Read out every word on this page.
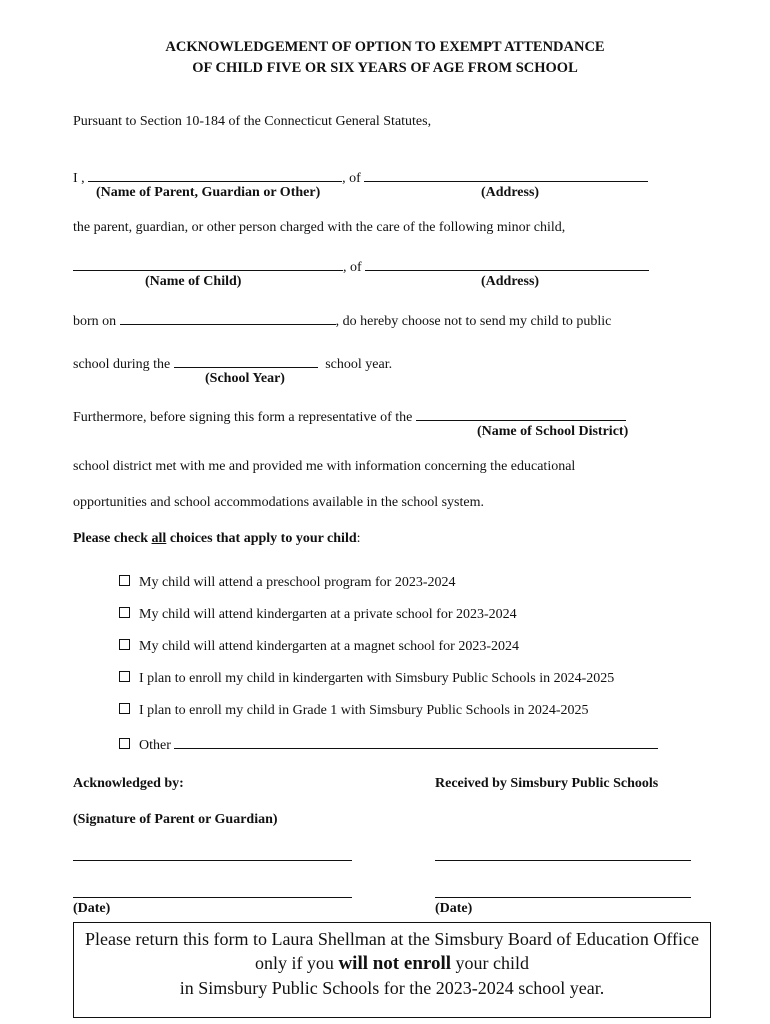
ACKNOWLEDGEMENT OF OPTION TO EXEMPT ATTENDANCE
OF CHILD FIVE OR SIX YEARS OF AGE FROM SCHOOL
Pursuant to Section 10-184 of the Connecticut General Statutes,
I ,	, of
(Name of Parent, Guardian or Other)	(Address)
the parent, guardian, or other person charged with the care of the following minor child,
, of
(Name of Child)	(Address)
born on	, do hereby choose not to send my child to public
school during the	school year.
(School Year)
Furthermore, before signing this form a representative of the
(Name of School District)
school district met with me and provided me with information concerning the educational
opportunities and school accommodations available in the school system.
Please check all choices that apply to your child:
My child will attend a preschool program for 2023-2024
My child will attend kindergarten at a private school for 2023-2024
My child will attend kindergarten at a magnet school for 2023-2024
I plan to enroll my child in kindergarten with Simsbury Public Schools in 2024-2025
I plan to enroll my child in Grade 1 with Simsbury Public Schools in 2024-2025
Other
Acknowledged by:	Received by Simsbury Public Schools
(Signature of Parent or Guardian)
(Date)	(Date)
Please return this form to Laura Shellman at the Simsbury Board of Education Office
only if you will not enroll your child
in Simsbury Public Schools for the 2023-2024 school year.
